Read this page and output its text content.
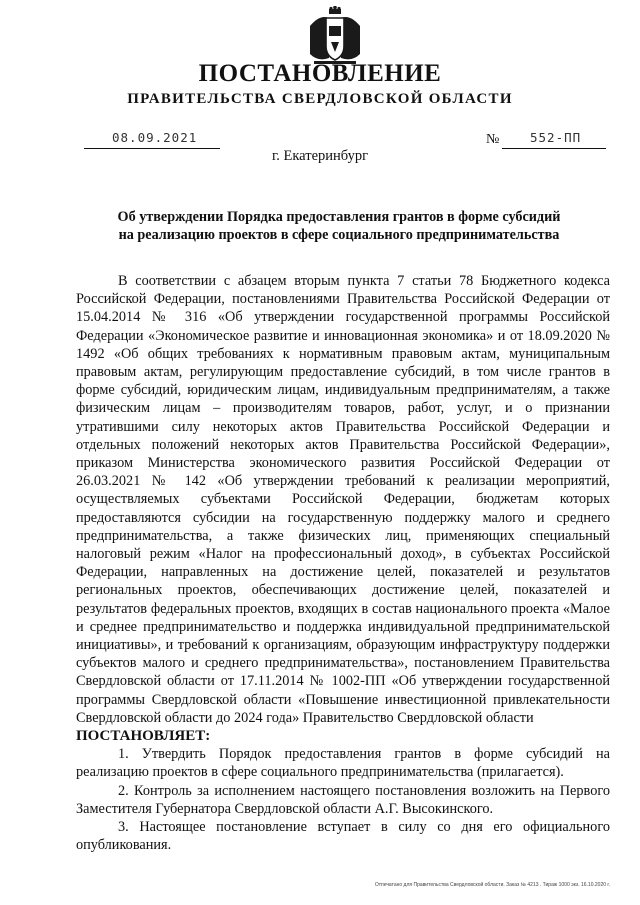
ПОСТАНОВЛЕНИЕ
ПРАВИТЕЛЬСТВА СВЕРДЛОВСКОЙ ОБЛАСТИ
08.09.2021	№ 552-ПП
г. Екатеринбург
Об утверждении Порядка предоставления грантов в форме субсидий
на реализацию проектов в сфере социального предпринимательства

В соответствии с абзацем вторым пункта 7 статьи 78 Бюджетного кодекса Российской Федерации, постановлениями Правительства Российской Федерации от 15.04.2014 № 316 «Об утверждении государственной программы Российской Федерации «Экономическое развитие и инновационная экономика» и от 18.09.2020 № 1492 «Об общих требованиях к нормативным правовым актам, муниципальным правовым актам, регулирующим предоставление субсидий, в том числе грантов в форме субсидий, юридическим лицам, индивидуальным предпринимателям, а также физическим лицам – производителям товаров, работ, услуг, и о признании утратившими силу некоторых актов Правительства Российской Федерации и отдельных положений некоторых актов Правительства Российской Федерации», приказом Министерства экономического развития Российской Федерации от 26.03.2021 № 142 «Об утверждении требований к реализации мероприятий, осуществляемых субъектами Российской Федерации, бюджетам которых предоставляются субсидии на государственную поддержку малого и среднего предпринимательства, а также физических лиц, применяющих специальный налоговый режим «Налог на профессиональный доход», в субъектах Российской Федерации, направленных на достижение целей, показателей и результатов региональных проектов, обеспечивающих достижение целей, показателей и результатов федеральных проектов, входящих в состав национального проекта «Малое и среднее предпринимательство и поддержка индивидуальной предпринимательской инициативы», и требований к организациям, образующим инфраструктуру поддержки субъектов малого и среднего предпринимательства», постановлением Правительства Свердловской области от 17.11.2014 № 1002-ПП «Об утверждении государственной программы Свердловской области «Повышение инвестиционной привлекательности Свердловской области до 2024 года» Правительство Свердловской области

ПОСТАНОВЛЯЕТ:

1. Утвердить Порядок предоставления грантов в форме субсидий на реализацию проектов в сфере социального предпринимательства (прилагается).

2. Контроль за исполнением настоящего постановления возложить на Первого Заместителя Губернатора Свердловской области А.Г. Высокинского.

3. Настоящее постановление вступает в силу со дня его официального опубликования.

Отпечатано для Правительства Свердловской области. Заказ № 4213 . Тираж 1000 экз. 16.10.2020 г.
